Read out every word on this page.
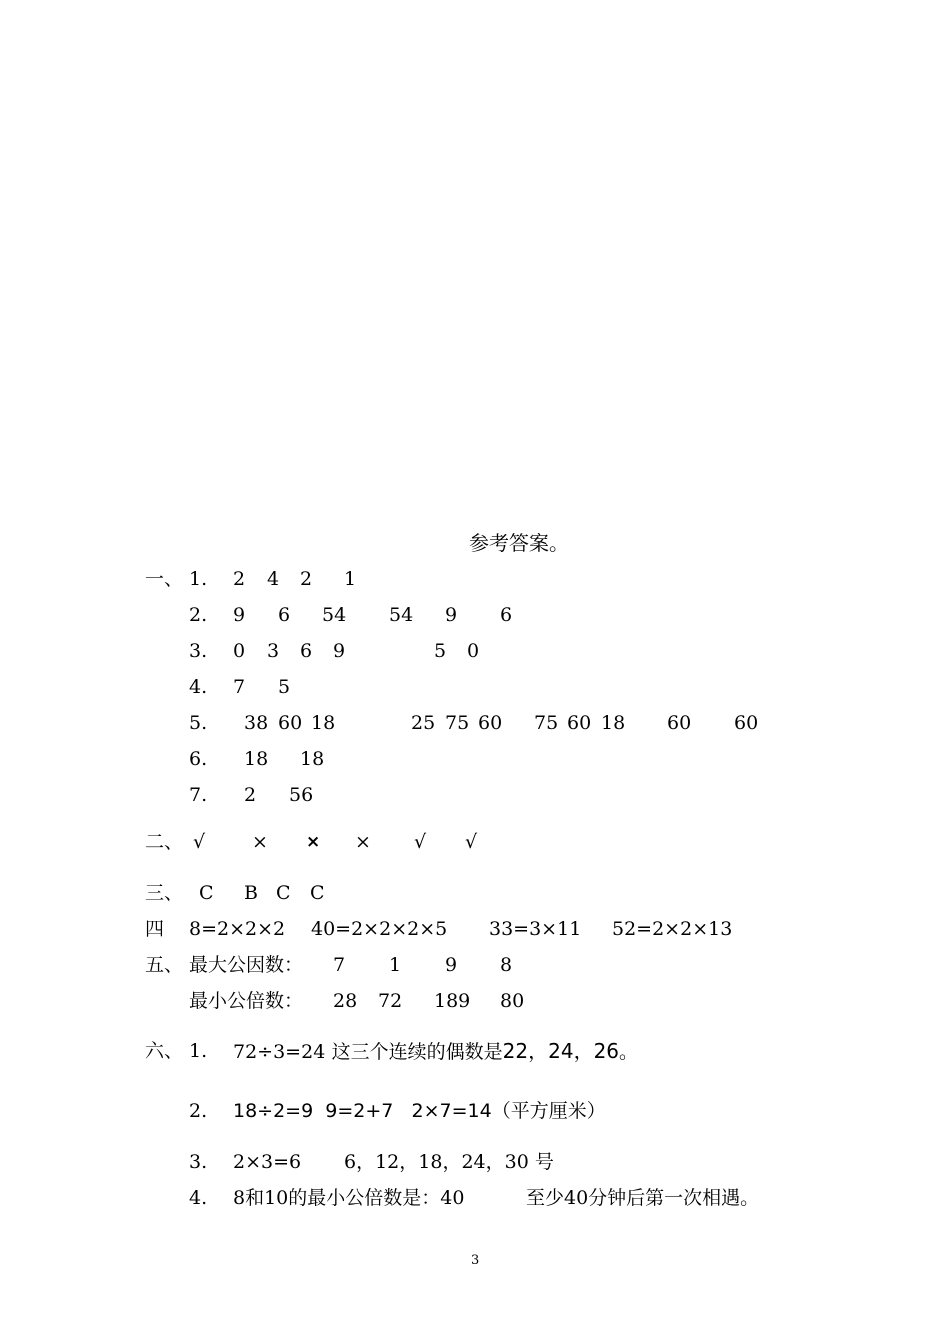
参考答案。
一、 1. 2 4 2 1
2. 9 6 54 54 9 6
3. 0 3 6 9	5 0
4. 7 5
5. 38 60 18	25 75 60 75 60 18 60 60
6. 18 18
7. 2 56
二、 √ × × × √ √
三、 C B C C
四 8=2×2×2 40=2×2×2×5 33=3×11 52=2×2×13
五、 最大公因数： 7 1 9 8
最小公倍数： 28 72 189 80
六、 1. 72÷3=24 这三个连续的偶数是22，24，26。
2. 18÷2=9  9=2+7   2×7=14（平方厘米）
3. 2×3=6 6，12，18，24，30 号
4. 8和10的最小公倍数是：40	至少40分钟后第一次相遇。
3
